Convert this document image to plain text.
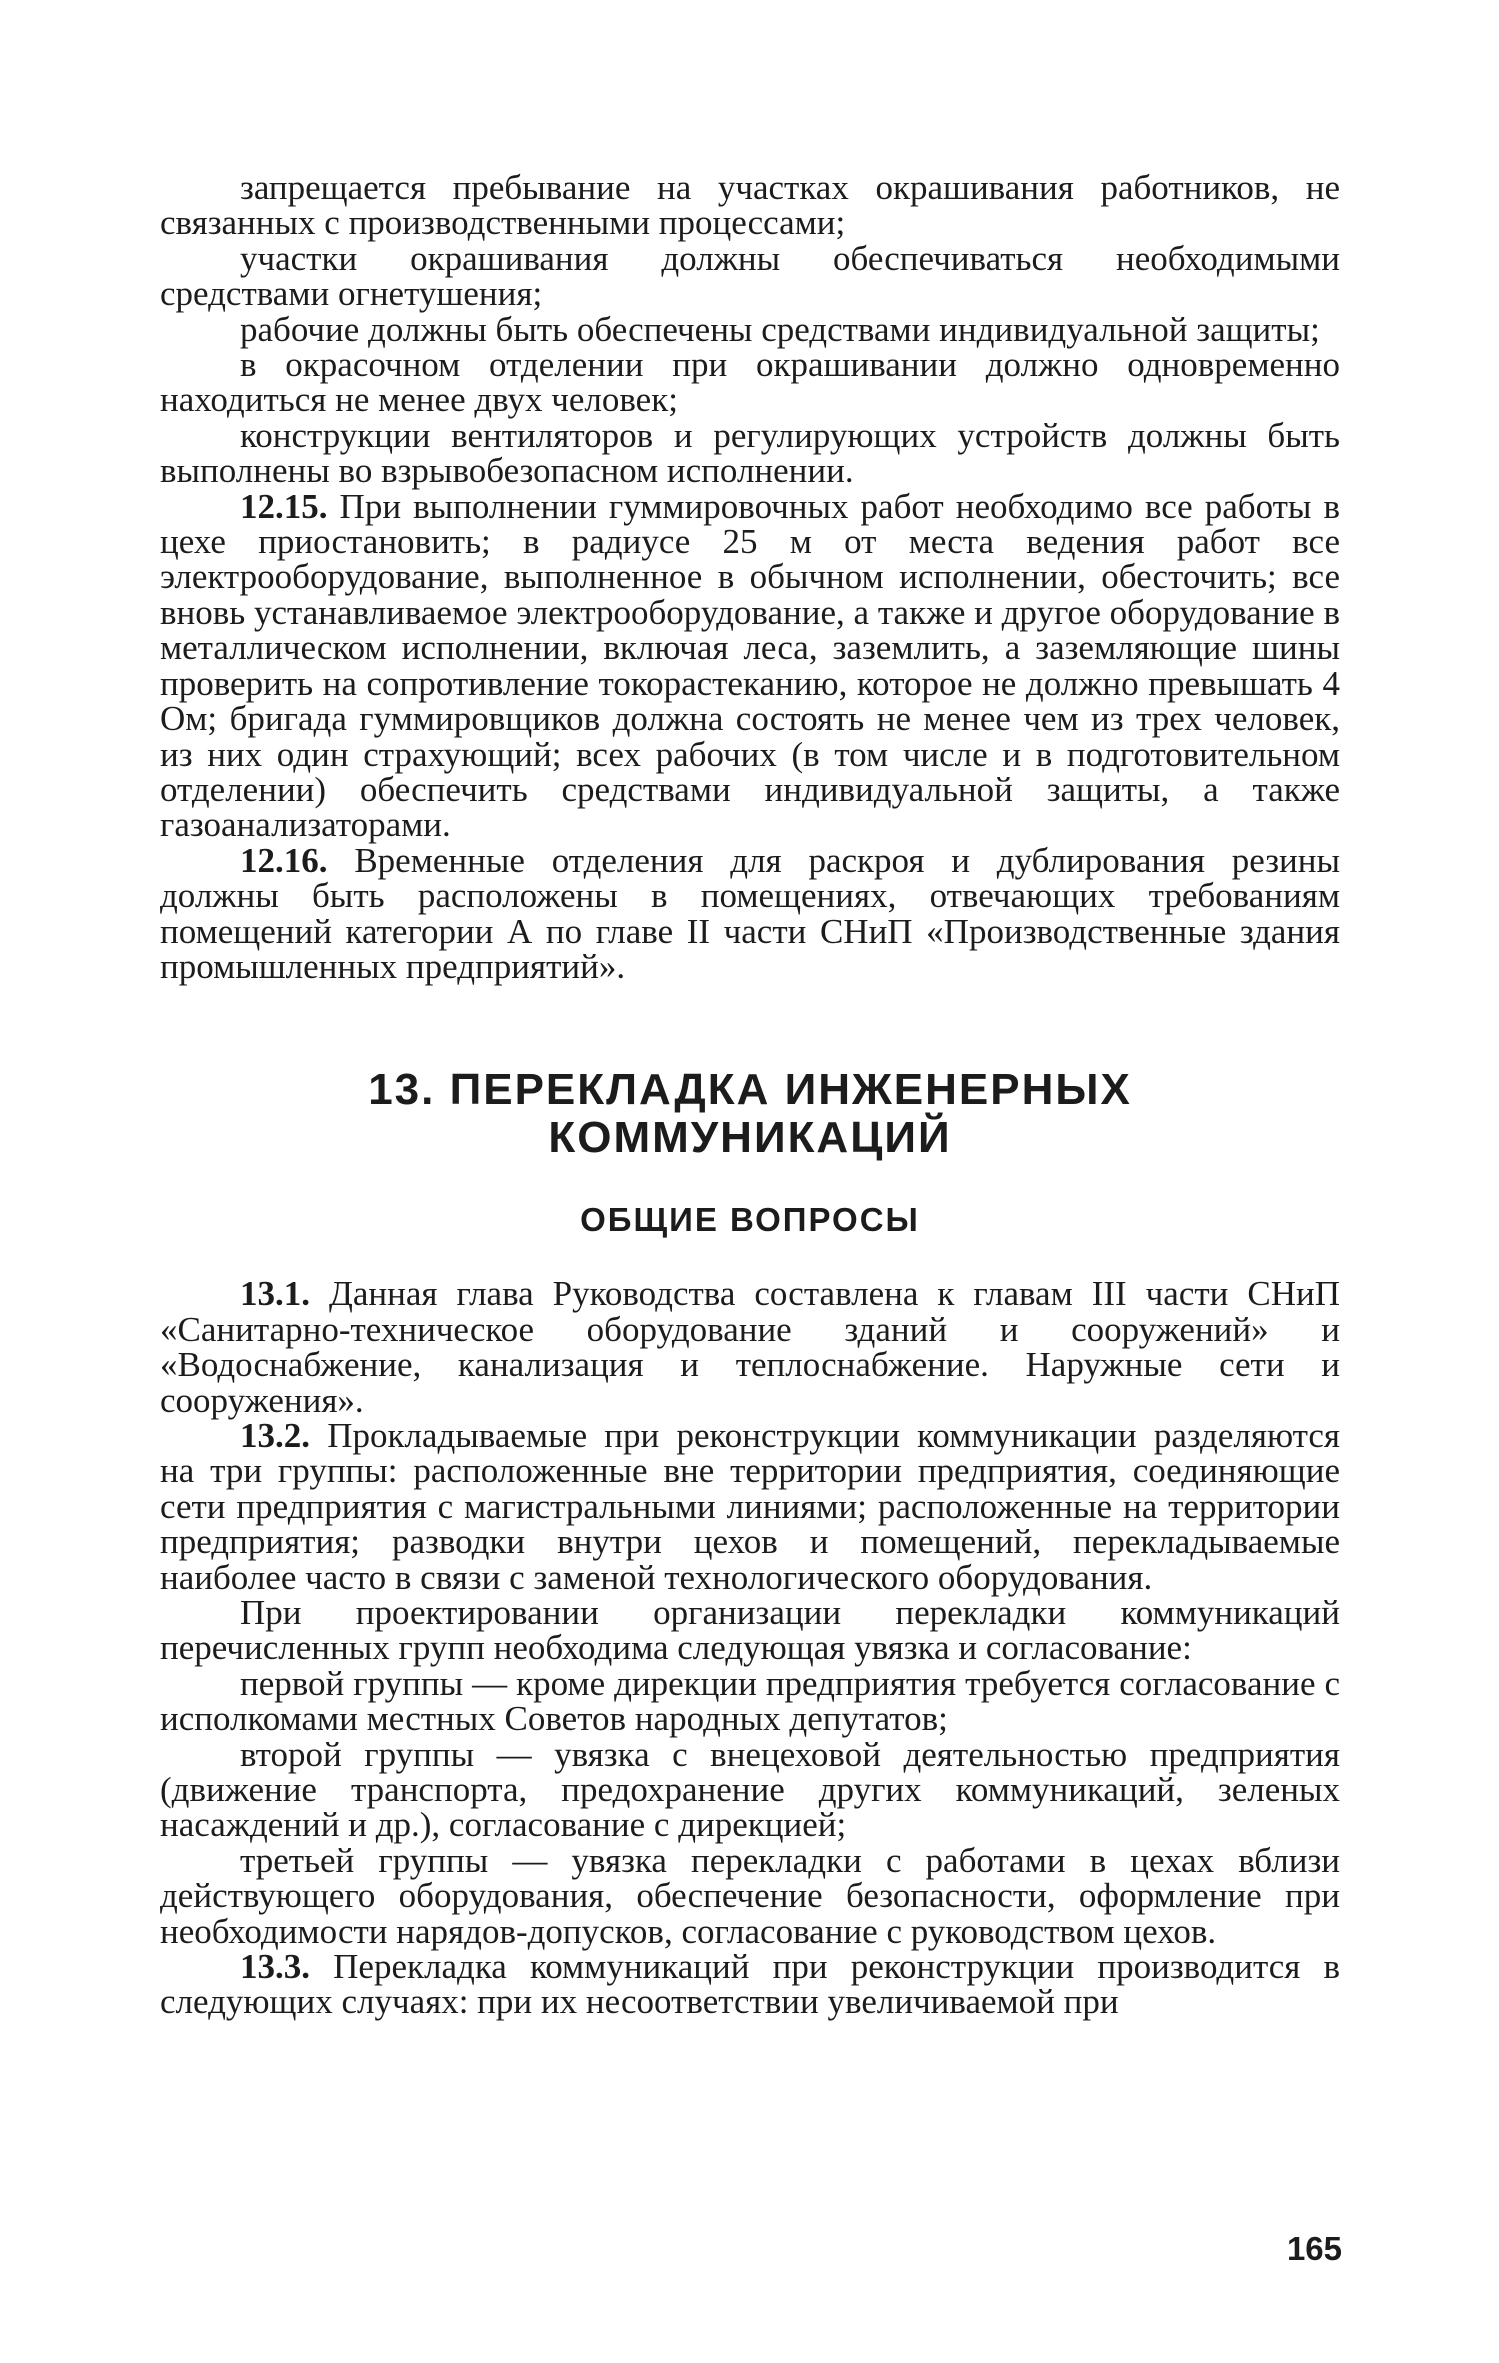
запрещается пребывание на участках окрашивания работников, не связанных с производственными процессами;

участки окрашивания должны обеспечиваться необходимыми средствами огнетушения;

рабочие должны быть обеспечены средствами индивидуальной защиты;

в окрасочном отделении при окрашивании должно одновременно находиться не менее двух человек;

конструкции вентиляторов и регулирующих устройств должны быть выполнены во взрывобезопасном исполнении.

12.15. При выполнении гуммировочных работ необходимо все работы в цехе приостановить; в радиусе 25 м от места ведения работ все электрооборудование, выполненное в обычном исполнении, обесточить; все вновь устанавливаемое электрооборудование, а также и другое оборудование в металлическом исполнении, включая леса, заземлить, а заземляющие шины проверить на сопротивление токорастеканию, которое не должно превышать 4 Ом; бригада гуммировщиков должна состоять не менее чем из трех человек, из них один страхующий; всех рабочих (в том числе и в подготовительном отделении) обеспечить средствами индивидуальной защиты, а также газоанализаторами.

12.16. Временные отделения для раскроя и дублирования резины должны быть расположены в помещениях, отвечающих требованиям помещений категории А по главе II части СНиП «Производственные здания промышленных предприятий».

13. ПЕРЕКЛАДКА ИНЖЕНЕРНЫХ
КОММУНИКАЦИЙ
ОБЩИЕ ВОПРОСЫ

13.1. Данная глава Руководства составлена к главам III части СНиП «Санитарно-техническое оборудование зданий и сооружений» и «Водоснабжение, канализация и теплоснабжение. Наружные сети и сооружения».

13.2. Прокладываемые при реконструкции коммуникации разделяются на три группы: расположенные вне территории предприятия, соединяющие сети предприятия с магистральными линиями; расположенные на территории предприятия; разводки внутри цехов и помещений, перекладываемые наиболее часто в связи с заменой технологического оборудования.

При проектировании организации перекладки коммуникаций перечисленных групп необходима следующая увязка и согласование:

первой группы — кроме дирекции предприятия требуется согласование с исполкомами местных Советов народных депутатов;

второй группы — увязка с внецеховой деятельностью предприятия (движение транспорта, предохранение других коммуникаций, зеленых насаждений и др.), согласование с дирекцией;

третьей группы — увязка перекладки с работами в цехах вблизи действующего оборудования, обеспечение безопасности, оформление при необходимости нарядов-допусков, согласование с руководством цехов.

13.3. Перекладка коммуникаций при реконструкции производится в следующих случаях: при их несоответствии увеличиваемой при

165
